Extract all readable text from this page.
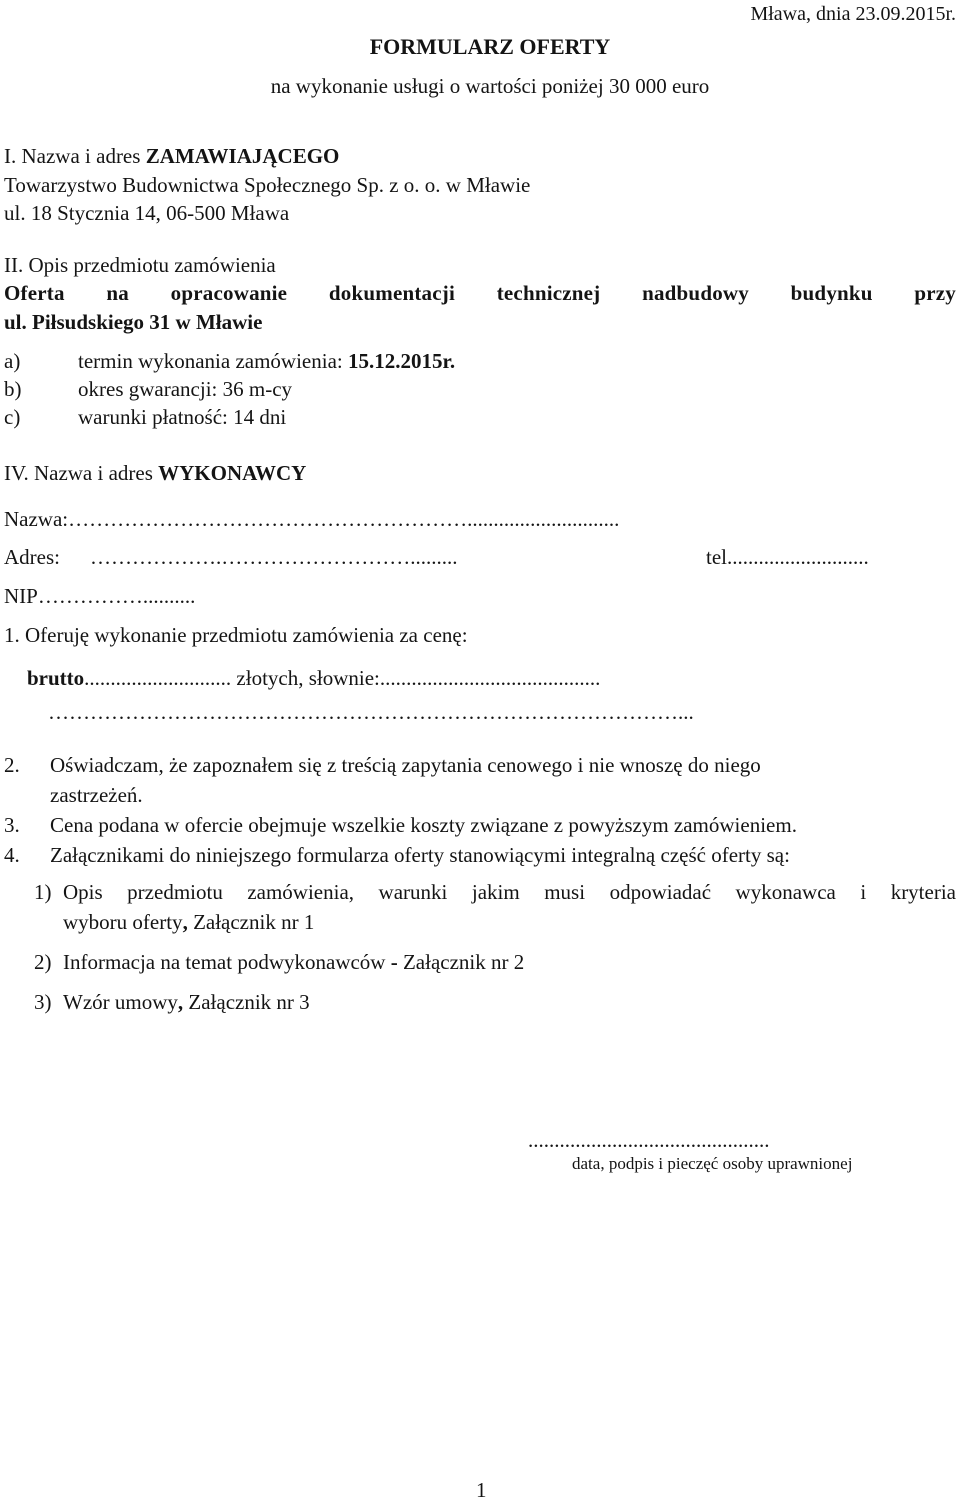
Mława, dnia 23.09.2015r.
FORMULARZ OFERTY
na wykonanie usługi o wartości poniżej 30 000 euro
I. Nazwa i adres ZAMAWIAJĄCEGO
Towarzystwo Budownictwa Społecznego Sp. z o. o. w Mławie
ul. 18 Stycznia 14, 06-500 Mława
II. Opis przedmiotu zamówienia
Oferta na opracowanie dokumentacji technicznej nadbudowy budynku przy
ul. Piłsudskiego 31 w Mławie
a)	termin wykonania zamówienia: 15.12.2015r.
b)	okres gwarancji: 36 m-cy
c)	warunki płatność: 14 dni
IV. Nazwa i adres WYKONAWCY
Nazwa:………………………………………………….............................
Adres: ……………….……………………….........	tel...........................
NIP……………..........
1. Oferuję wykonanie przedmiotu zamówienia za cenę:
brutto............................ złotych, słownie:..........................................
………………………………………………………………………………...
2. Oświadczam, że zapoznałem się z treścią zapytania cenowego i nie wnoszę do niego
zastrzeżeń.
3. Cena podana w ofercie obejmuje wszelkie koszty związane z powyższym zamówieniem.
4. Załącznikami do niniejszego formularza oferty stanowiącymi integralną część oferty są:
1) Opis przedmiotu zamówienia, warunki jakim musi odpowiadać wykonawca i kryteria
wyboru oferty, Załącznik nr 1
2) Informacja na temat podwykonawców - Załącznik nr 2
3) Wzór umowy, Załącznik nr 3
..............................................
data, podpis i pieczęć osoby uprawnionej
1
